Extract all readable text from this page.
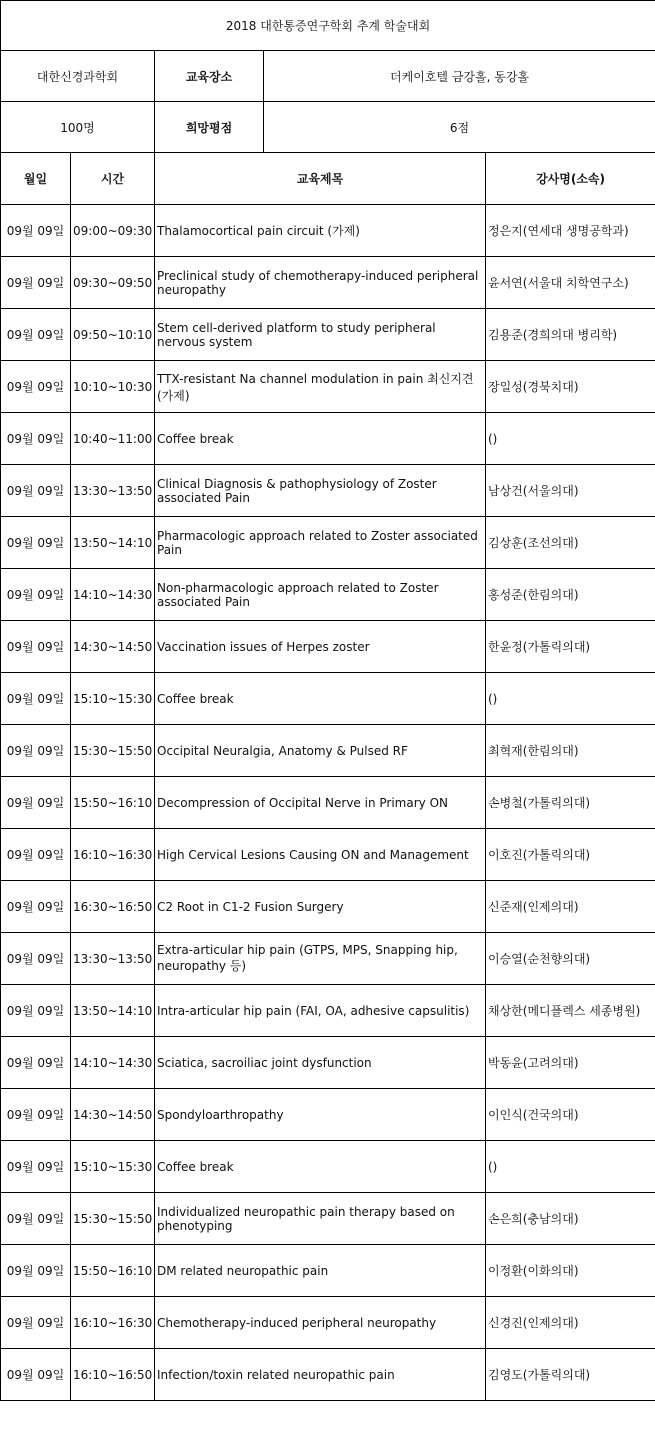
2018 대한통증연구학회 추계 학술대회				
대한신경과학회		교육장소	더케이호텔 금강홀, 동강홀	
100명		희망평점	6점	
월일	시간	교육제목		강사명(소속)
09월 09일	09:00~09:30	Thalamocortical pain circuit (가제)		정은지(연세대 생명공학과)
09월 09일	09:30~09:50	Preclinical study of chemotherapy-induced peripheral neuropathy		윤서연(서울대 치학연구소)
09월 09일	09:50~10:10	Stem cell-derived platform to study peripheral nervous system		김용준(경희의대 병리학)
09월 09일	10:10~10:30	TTX-resistant Na channel modulation in pain 최신지견 (가제)		장일성(경북치대)
09월 09일	10:40~11:00	Coffee break		()
09월 09일	13:30~13:50	Clinical Diagnosis & pathophysiology of Zoster associated Pain		남상건(서울의대)
09월 09일	13:50~14:10	Pharmacologic approach related to Zoster associated Pain		김상훈(조선의대)
09월 09일	14:10~14:30	Non-pharmacologic approach related to Zoster associated Pain		홍성준(한림의대)
09월 09일	14:30~14:50	Vaccination issues of Herpes zoster		한윤정(가톨릭의대)
09월 09일	15:10~15:30	Coffee break		()
09월 09일	15:30~15:50	Occipital Neuralgia, Anatomy & Pulsed RF		최혁재(한림의대)
09월 09일	15:50~16:10	Decompression of Occipital Nerve in Primary ON		손병철(가톨릭의대)
09월 09일	16:10~16:30	High Cervical Lesions Causing ON and Management		이호진(가톨릭의대)
09월 09일	16:30~16:50	C2 Root in C1-2 Fusion Surgery		신준재(인제의대)
09월 09일	13:30~13:50	Extra-articular hip pain (GTPS, MPS, Snapping hip, neuropathy 등)		이승열(순천향의대)
09월 09일	13:50~14:10	Intra-articular hip pain (FAI, OA, adhesive capsulitis)		채상한(메디플렉스 세종병원)
09월 09일	14:10~14:30	Sciatica, sacroiliac joint dysfunction		박동윤(고려의대)
09월 09일	14:30~14:50	Spondyloarthropathy		이인식(건국의대)
09월 09일	15:10~15:30	Coffee break		()
09월 09일	15:30~15:50	Individualized neuropathic pain therapy based on phenotyping		손은희(충남의대)
09월 09일	15:50~16:10	DM related neuropathic pain		이정환(이화의대)
09월 09일	16:10~16:30	Chemotherapy-induced peripheral neuropathy		신경진(인제의대)
09월 09일	16:10~16:50	Infection/toxin related neuropathic pain		김영도(가톨릭의대)
